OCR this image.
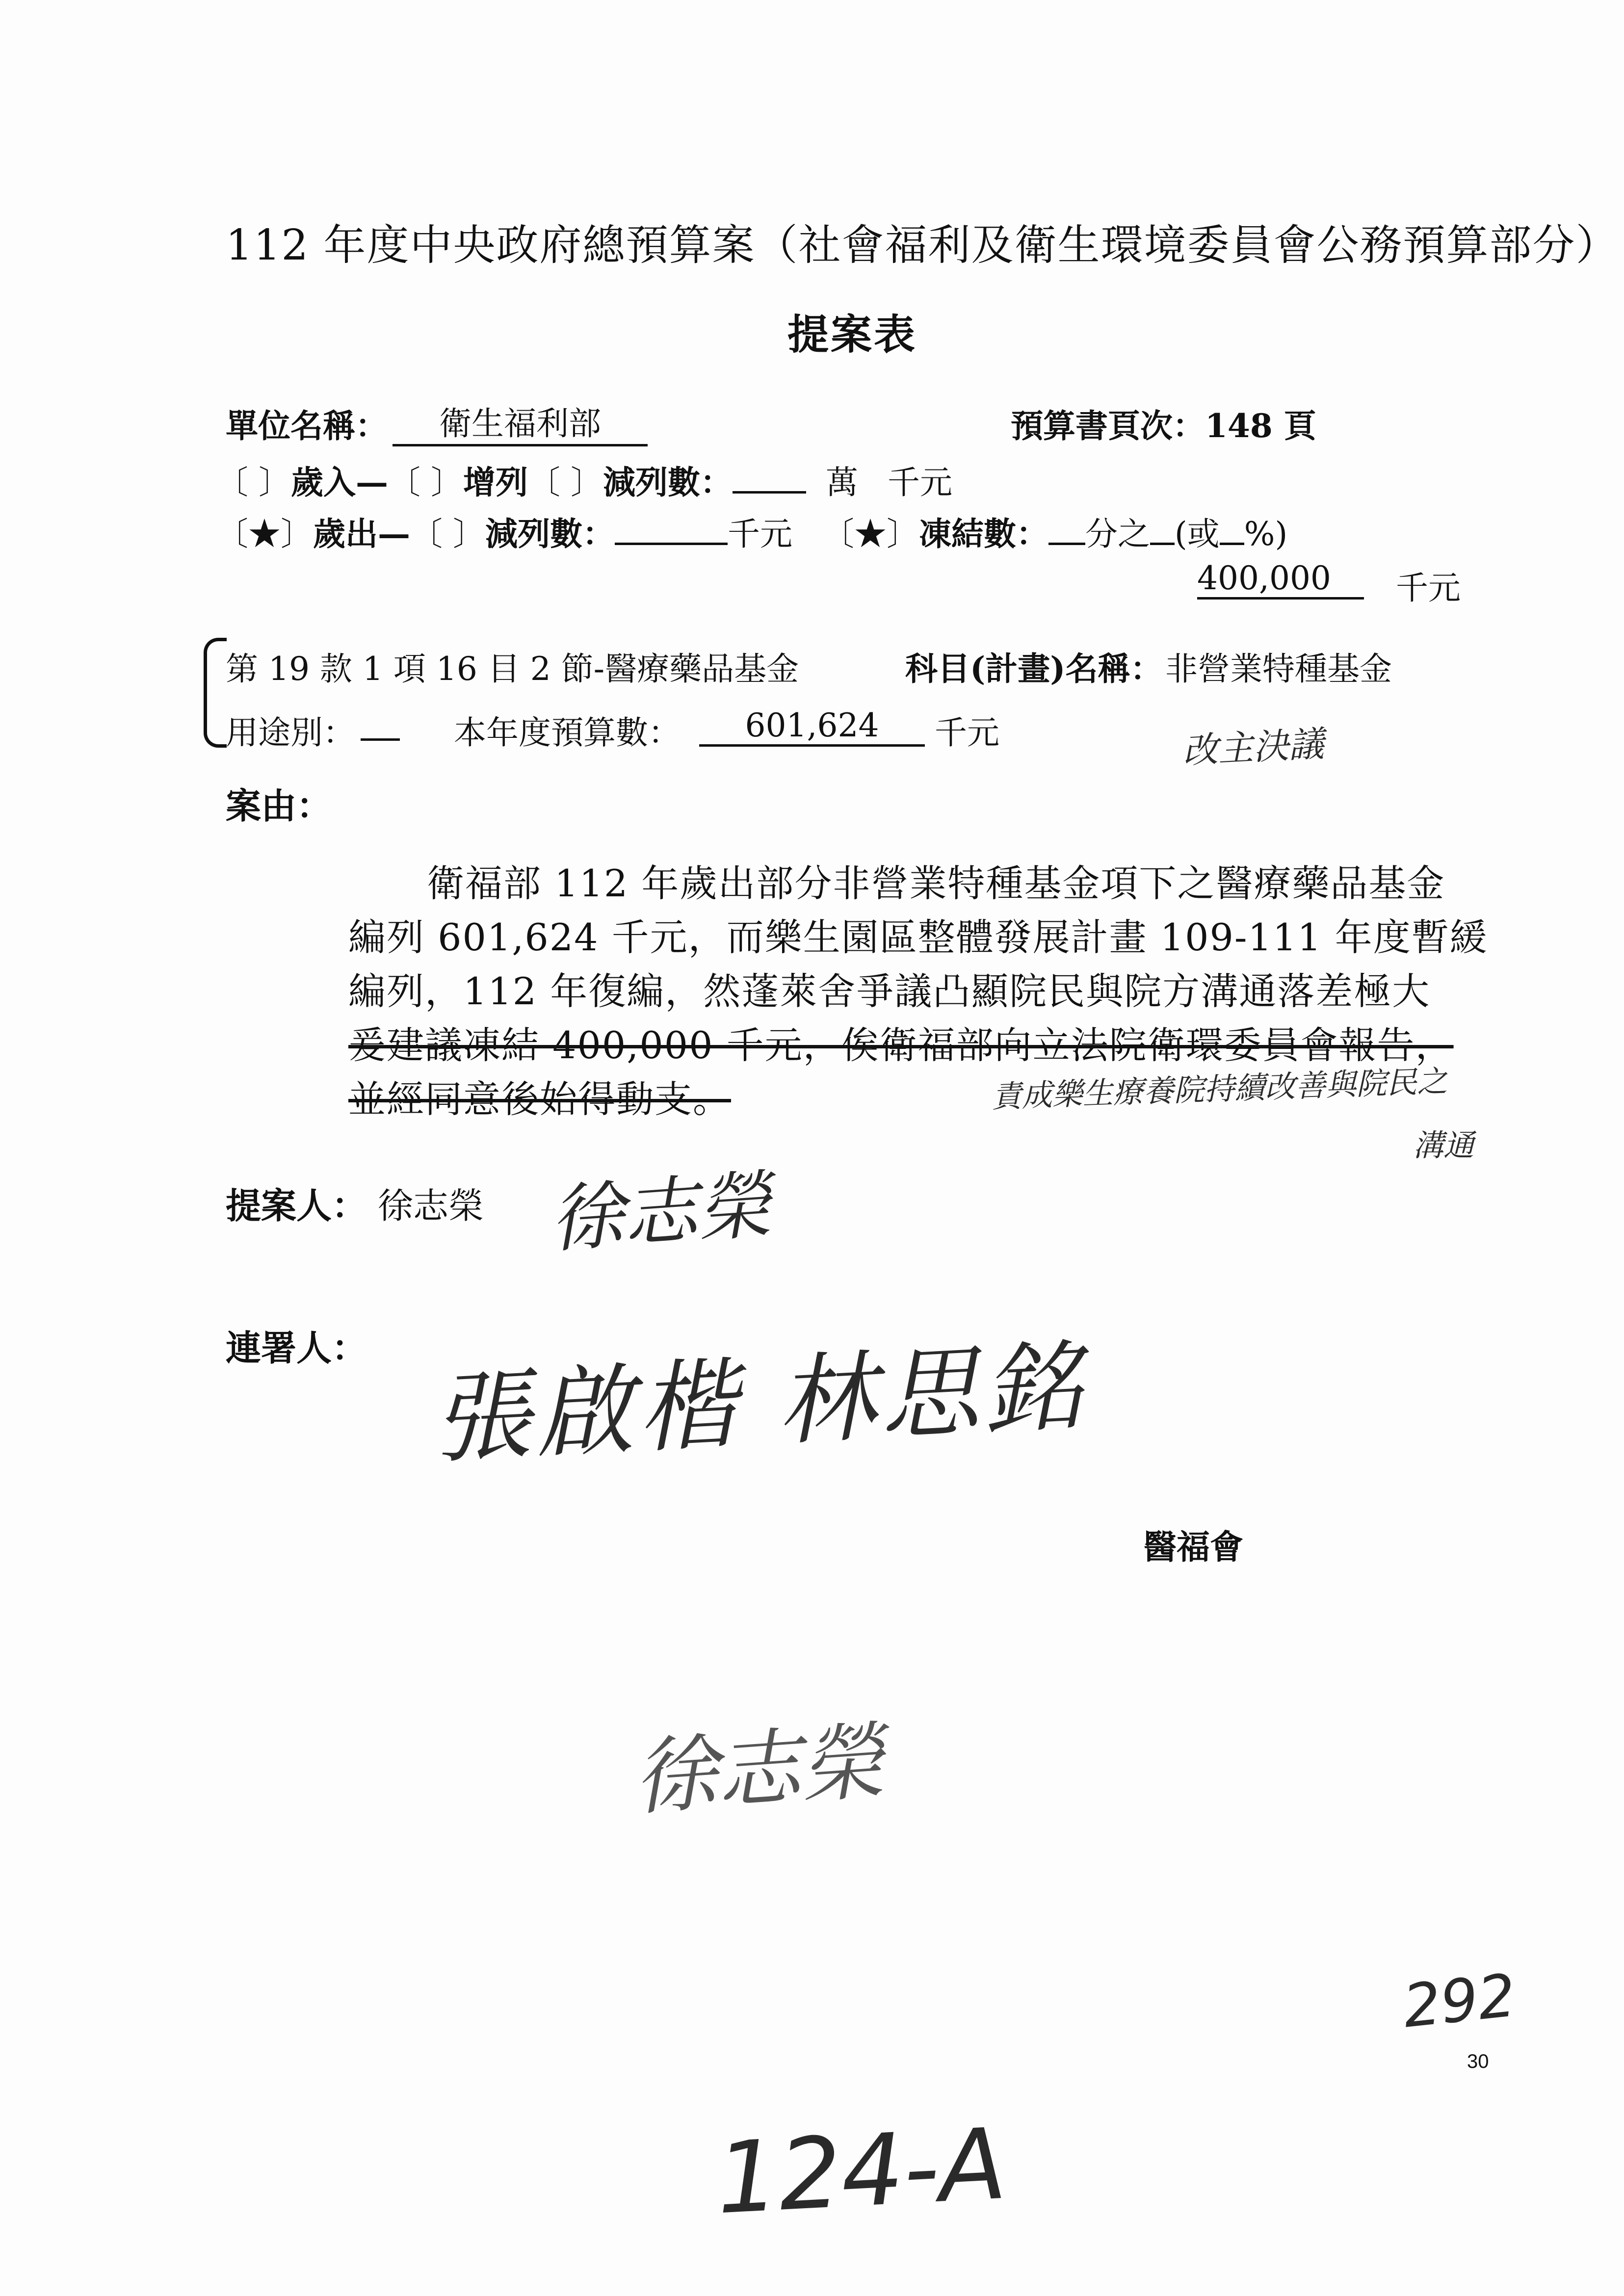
112 年度中央政府總預算案（社會福利及衛生環境委員會公務預算部分）
提案表
單位名稱：	衛生福利部	預算書頁次：148 頁
〔 〕歲入—〔 〕增列〔 〕減列數：	萬 千元
〔★〕歲出—〔 〕減列數：	千元 〔★〕凍結數： 分之 (或 %)
400,000	千元
第 19 款 1 項 16 目 2 節-醫療藥品基金	科目(計畫)名稱： 非營業特種基金
用途別：	本年度預算數：	601,624	千元	改主決議
案由：
衛福部 112 年歲出部分非營業特種基金項下之醫療藥品基金
編列 601,624 千元，而樂生園區整體發展計畫 109-111 年度暫緩
編列，112 年復編，然蓬萊舍爭議凸顯院民與院方溝通落差極大
爰建議凍結 400,000 千元，俟衛福部向立法院衛環委員會報告，
並經同意後始得動支。	責成樂生療養院持續改善與院民之
溝通
提案人： 徐志榮 徐志榮
連署人： 張啟楷 林思銘
醫福會
徐志榮
292
30
124-A
